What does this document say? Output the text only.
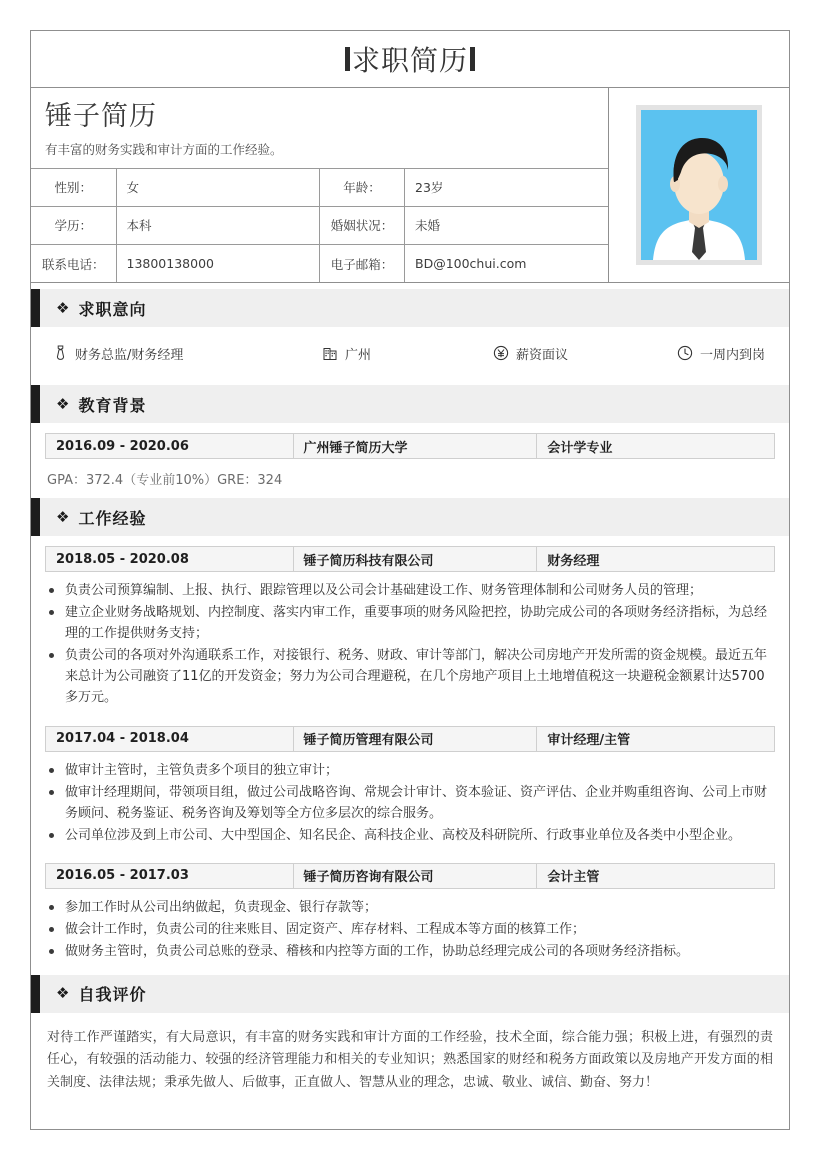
求职简历
锤子简历
有丰富的财务实践和审计方面的工作经验。
性别：	女	年龄：	23岁
学历：	本科	婚姻状况：	未婚
联系电话：	13800138000	电子邮箱：	BD@100chui.com
❖ 求职意向
财务总监/财务经理	广州	薪资面议	一周内到岗
❖ 教育背景
2016.09 - 2020.06	广州锤子简历大学	会计学专业
GPA：372.4（专业前10%）GRE：324
❖ 工作经验
2018.05 - 2020.08	锤子简历科技有限公司	财务经理
负责公司预算编制、上报、执行、跟踪管理以及公司会计基础建设工作、财务管理体制和公司财务人员的管理；
建立企业财务战略规划、内控制度、落实内审工作，重要事项的财务风险把控，协助完成公司的各项财务经济指标，为总经理的工作提供财务支持；
负责公司的各项对外沟通联系工作，对接银行、税务、财政、审计等部门，解决公司房地产开发所需的资金规模。最近五年来总计为公司融资了11亿的开发资金；努力为公司合理避税，在几个房地产项目上土地增值税这一块避税金额累计达5700多万元。
2017.04 - 2018.04	锤子简历管理有限公司	审计经理/主管
做审计主管时，主管负责多个项目的独立审计；
做审计经理期间，带领项目组，做过公司战略咨询、常规会计审计、资本验证、资产评估、企业并购重组咨询、公司上市财务顾问、税务鉴证、税务咨询及筹划等全方位多层次的综合服务。
公司单位涉及到上市公司、大中型国企、知名民企、高科技企业、高校及科研院所、行政事业单位及各类中小型企业。
2016.05 - 2017.03	锤子简历咨询有限公司	会计主管
参加工作时从公司出纳做起，负责现金、银行存款等；
做会计工作时，负责公司的往来账目、固定资产、库存材料、工程成本等方面的核算工作；
做财务主管时，负责公司总账的登录、稽核和内控等方面的工作，协助总经理完成公司的各项财务经济指标。
❖ 自我评价
对待工作严谨踏实，有大局意识，有丰富的财务实践和审计方面的工作经验，技术全面，综合能力强；积极上进，有强烈的责任心，有较强的活动能力、较强的经济管理能力和相关的专业知识；熟悉国家的财经和税务方面政策以及房地产开发方面的相关制度、法律法规；秉承先做人、后做事，正直做人、智慧从业的理念，忠诚、敬业、诚信、勤奋、努力！
